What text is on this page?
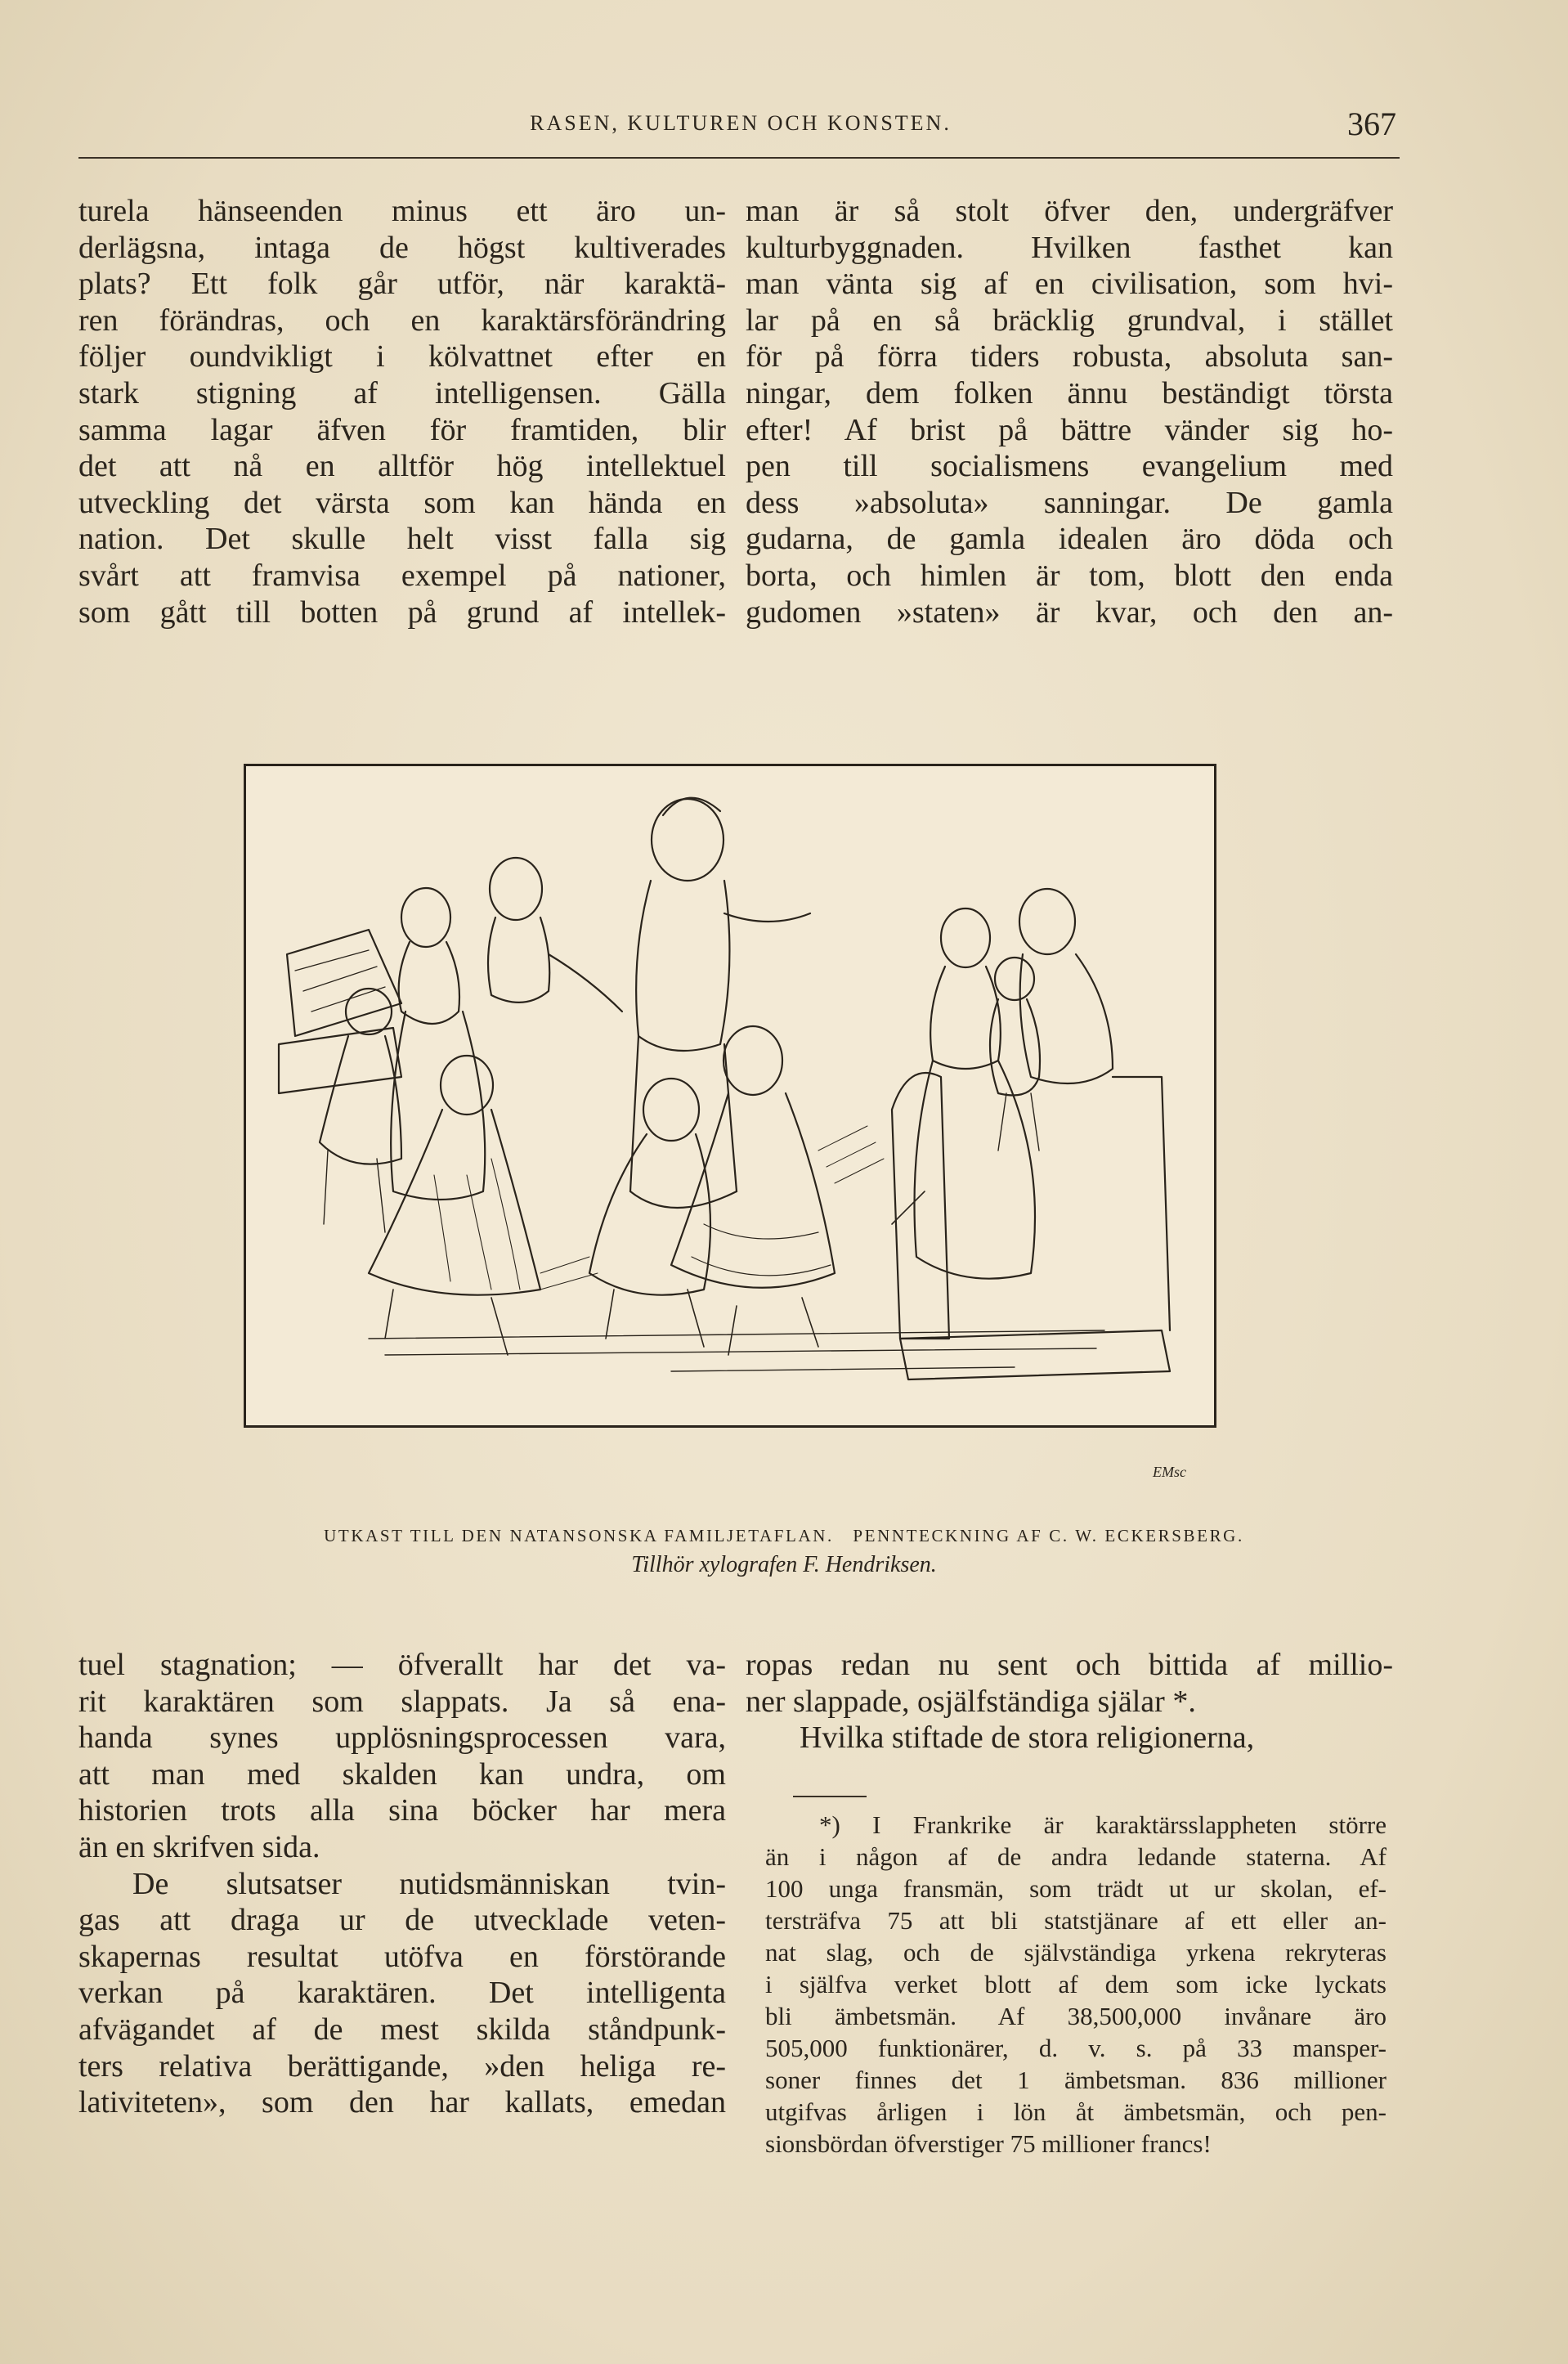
RASEN, KULTUREN OCH KONSTEN.	367
turela hänseenden minus ett äro un-
derlägsna, intaga de högst kultiverades
plats? Ett folk går utför, när karaktä-
ren förändras, och en karaktärsförändring
följer oundvikligt i kölvattnet efter en
stark stigning af intelligensen. Gälla
samma lagar äfven för framtiden, blir
det att nå en alltför hög intellektuel
utveckling det värsta som kan hända en
nation. Det skulle helt visst falla sig
svårt att framvisa exempel på nationer,
som gått till botten på grund af intellek-
man är så stolt öfver den, undergräfver
kulturbyggnaden. Hvilken fasthet kan
man vänta sig af en civilisation, som hvi-
lar på en så bräcklig grundval, i stället
för på förra tiders robusta, absoluta san-
ningar, dem folken ännu beständigt törsta
efter! Af brist på bättre vänder sig ho-
pen till socialismens evangelium med
dess »absoluta» sanningar. De gamla
gudarna, de gamla idealen äro döda och
borta, och himlen är tom, blott den enda
gudomen »staten» är kvar, och den an-
EMsc
UTKAST TILL DEN NATANSONSKA FAMILJETAFLAN.   PENNTECKNING AF C. W. ECKERSBERG.
Tillhör xylografen F. Hendriksen.
tuel stagnation; — öfverallt har det va-
rit karaktären som slappats. Ja så ena-
handa synes upplösningsprocessen vara,
att man med skalden kan undra, om
historien trots alla sina böcker har mera
än en skrifven sida.
De slutsatser nutidsmänniskan tvin-
gas att draga ur de utvecklade veten-
skapernas resultat utöfva en förstörande
verkan på karaktären. Det intelligenta
afvägandet af de mest skilda ståndpunk-
ters relativa berättigande, »den heliga re-
lativiteten», som den har kallats, emedan
ropas redan nu sent och bittida af millio-
ner slappade, osjälfständiga själar *.
Hvilka stiftade de stora religionerna,
*) I Frankrike är karaktärsslappheten större
än i någon af de andra ledande staterna. Af
100 unga fransmän, som trädt ut ur skolan, ef-
tersträfva 75 att bli statstjänare af ett eller an-
nat slag, och de självständiga yrkena rekryteras
i själfva verket blott af dem som icke lyckats
bli ämbetsmän. Af 38,500,000 invånare äro
505,000 funktionärer, d. v. s. på 33 mansper-
soner finnes det 1 ämbetsman. 836 millioner
utgifvas årligen i lön åt ämbetsmän, och pen-
sionsbördan öfverstiger 75 millioner francs!
